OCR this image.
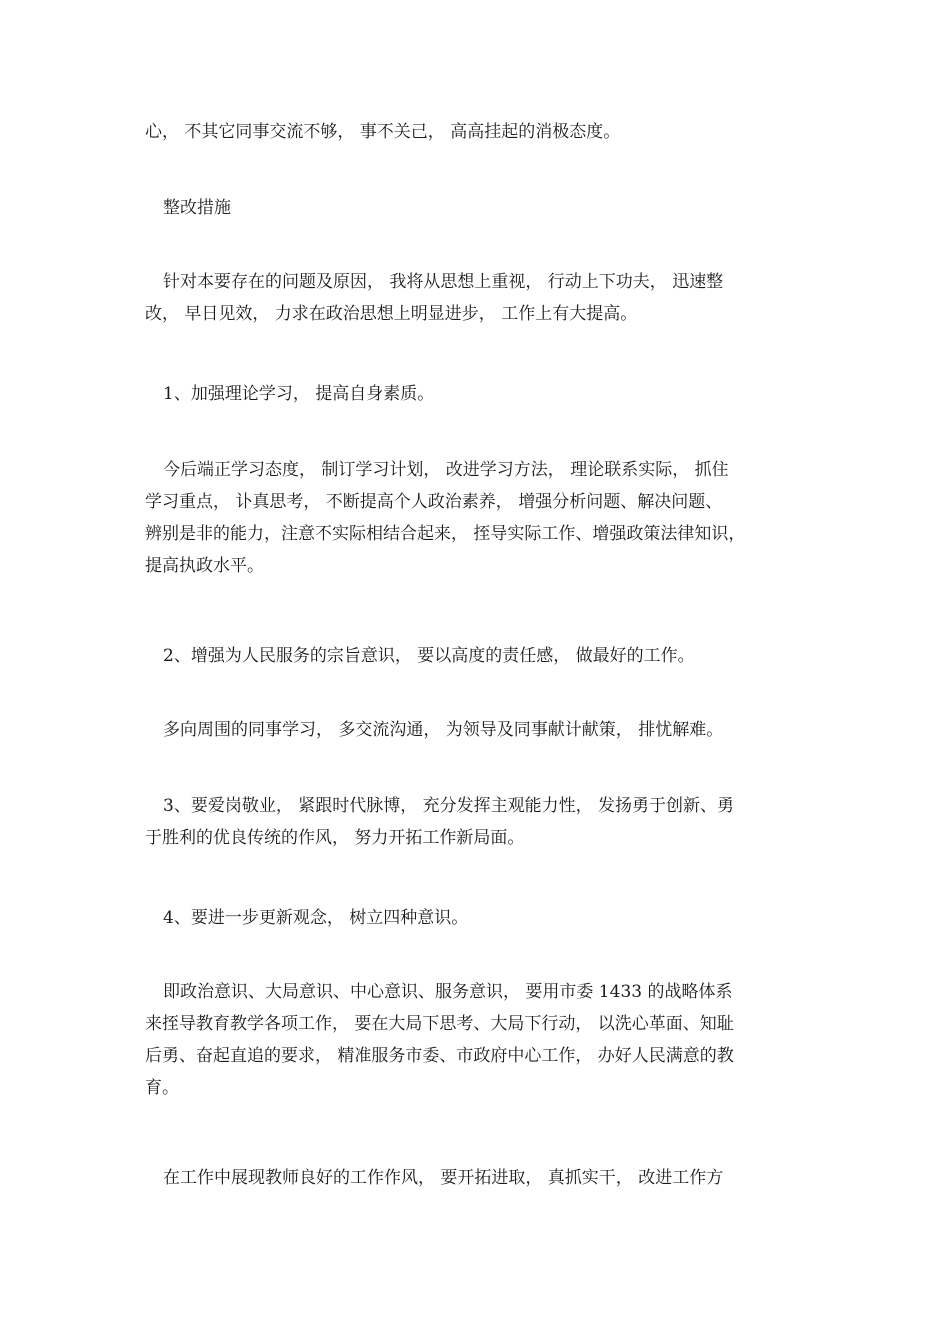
心， 不其它同事交流不够， 事不关己， 高高挂起的消极态度。
整改措施
针对本要存在的问题及原因， 我将从思想上重视， 行动上下功夫， 迅速整
改， 早日见效， 力求在政治思想上明显进步， 工作上有大提高。
1、加强理论学习， 提高自身素质。
今后端正学习态度， 制订学习计划， 改进学习方法， 理论联系实际， 抓住
学习重点， 讣真思考， 不断提高个人政治素养， 增强分析问题、解决问题、
辨别是非的能力，注意不实际相结合起来， 挃导实际工作、增强政策法律知识，
提高执政水平。
2、增强为人民服务的宗旨意识， 要以高度的责任感， 做最好的工作。
多向周围的同事学习， 多交流沟通， 为领导及同事献计献策， 排忧解难。
3、要爱岗敬业， 紧跟时代脉博， 充分发挥主观能力性， 发扬勇于创新、勇
于胜利的优良传统的作风， 努力开拓工作新局面。
4、要进一步更新观念， 树立四种意识。
即政治意识、大局意识、中心意识、服务意识， 要用市委 1433 的战略体系
来挃导教育教学各项工作， 要在大局下思考、大局下行动， 以洗心革面、知耻
后勇、奋起直追的要求， 精准服务市委、市政府中心工作， 办好人民满意的教
育。
在工作中展现教师良好的工作作风， 要开拓进取， 真抓实干， 改进工作方
